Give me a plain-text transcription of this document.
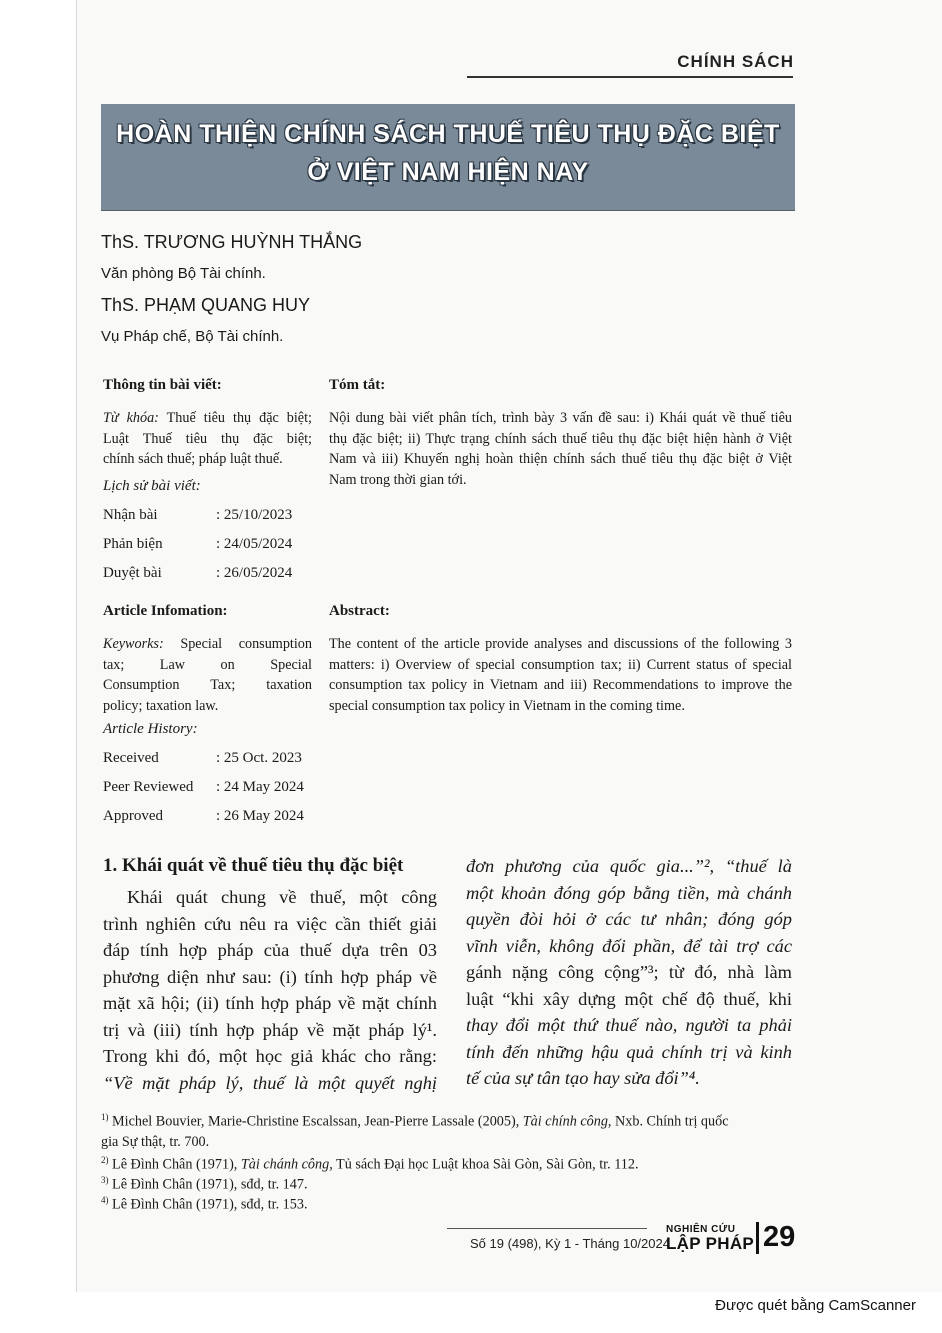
CHÍNH SÁCH
HOÀN THIỆN CHÍNH SÁCH THUẾ TIÊU THỤ ĐẶC BIỆT
Ở VIỆT NAM HIỆN NAY
ThS. TRƯƠNG HUỲNH THẮNG
Văn phòng Bộ Tài chính.
ThS. PHẠM QUANG HUY
Vụ Pháp chế, Bộ Tài chính.
Thông tin bài viết:
Từ khóa: Thuế tiêu thụ đặc biệt;
Luật Thuế tiêu thụ đặc biệt;
chính sách thuế; pháp luật thuế.
Lịch sử bài viết:
Nhận bài	: 25/10/2023
Phản biện	: 24/05/2024
Duyệt bài	: 26/05/2024
Tóm tắt:
Nội dung bài viết phân tích, trình bày 3 vấn đề sau: i) Khái quát về thuế tiêu
thụ đặc biệt; ii) Thực trạng chính sách thuế tiêu thụ đặc biệt hiện hành ở Việt
Nam và iii) Khuyến nghị hoàn thiện chính sách thuế tiêu thụ đặc biệt ở Việt
Nam trong thời gian tới.
Article Infomation:
Keyworks: Special consumption
tax; Law on Special
Consumption Tax; taxation
policy; taxation law.
Article History:
Received	: 25 Oct. 2023
Peer Reviewed : 24 May 2024
Approved	: 26 May 2024
Abstract:
The content of the article provide analyses and discussions of the following 3
matters: i) Overview of special consumption tax; ii) Current status of special
consumption tax policy in Vietnam and iii) Recommendations to improve the
special consumption tax policy in Vietnam in the coming time.
1. Khái quát về thuế tiêu thụ đặc biệt
Khái quát chung về thuế, một công
trình nghiên cứu nêu ra việc cần thiết giải
đáp tính hợp pháp của thuế dựa trên 03
phương diện như sau: (i) tính hợp pháp về
mặt xã hội; (ii) tính hợp pháp về mặt chính
trị và (iii) tính hợp pháp về mặt pháp lý¹.
Trong khi đó, một học giả khác cho rằng:
“Về mặt pháp lý, thuế là một quyết nghị
đơn phương của quốc gia...”², “thuế là
một khoản đóng góp bằng tiền, mà chánh
quyền đòi hỏi ở các tư nhân; đóng góp
vĩnh viễn, không đối phần, để tài trợ các
gánh nặng công cộng”³; từ đó, nhà làm
luật “khi xây dựng một chế độ thuế, khi
thay đổi một thứ thuế nào, người ta phải
tính đến những hậu quả chính trị và kinh
tế của sự tân tạo hay sửa đổi”⁴.
$^{1)}$ Michel Bouvier, Marie-Christine Escalssan, Jean-Pierre Lassale (2005), Tài chính công, Nxb. Chính trị quốc
gia Sự thật, tr. 700.
$^{2)}$ Lê Đình Chân (1971), Tài chánh công, Tủ sách Đại học Luật khoa Sài Gòn, Sài Gòn, tr. 112.
$^{3)}$ Lê Đình Chân (1971), sđd, tr. 147.
$^{4)}$ Lê Đình Chân (1971), sđd, tr. 153.
Số 19 (498), Kỳ 1 - Tháng 10/2024
NGHIÊN CỨU
LẬP PHÁP 29
Được quét bằng CamScanner
